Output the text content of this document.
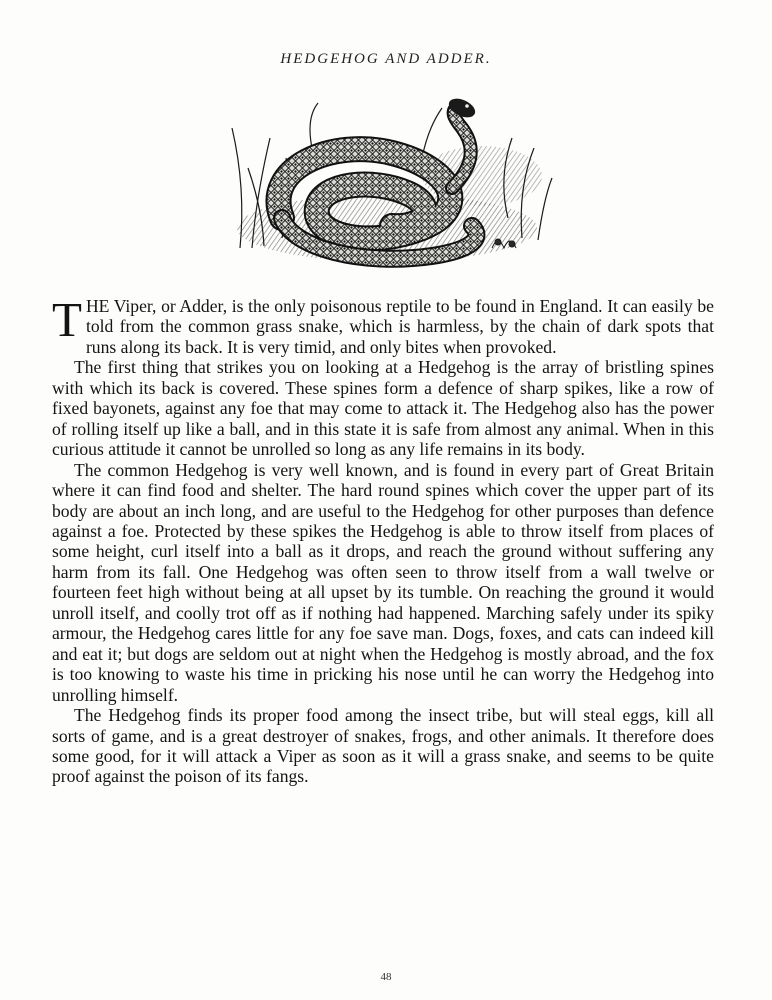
HEDGEHOG AND ADDER.

THE Viper, or Adder, is the only poisonous reptile to be found in England. It can easily be told from the common grass snake, which is harmless, by the chain of dark spots that runs along its back. It is very timid, and only bites when provoked.

The first thing that strikes you on looking at a Hedgehog is the array of bristling spines with which its back is covered. These spines form a defence of sharp spikes, like a row of fixed bayonets, against any foe that may come to attack it. The Hedgehog also has the power of rolling itself up like a ball, and in this state it is safe from almost any animal. When in this curious attitude it cannot be unrolled so long as any life remains in its body.

The common Hedgehog is very well known, and is found in every part of Great Britain where it can find food and shelter. The hard round spines which cover the upper part of its body are about an inch long, and are useful to the Hedgehog for other purposes than defence against a foe. Protected by these spikes the Hedgehog is able to throw itself from places of some height, curl itself into a ball as it drops, and reach the ground without suffering any harm from its fall. One Hedgehog was often seen to throw itself from a wall twelve or fourteen feet high without being at all upset by its tumble. On reaching the ground it would unroll itself, and coolly trot off as if nothing had happened. Marching safely under its spiky armour, the Hedgehog cares little for any foe save man. Dogs, foxes, and cats can indeed kill and eat it; but dogs are seldom out at night when the Hedgehog is mostly abroad, and the fox is too knowing to waste his time in pricking his nose until he can worry the Hedgehog into unrolling himself.

The Hedgehog finds its proper food among the insect tribe, but will steal eggs, kill all sorts of game, and is a great destroyer of snakes, frogs, and other animals. It therefore does some good, for it will attack a Viper as soon as it will a grass snake, and seems to be quite proof against the poison of its fangs.

48
